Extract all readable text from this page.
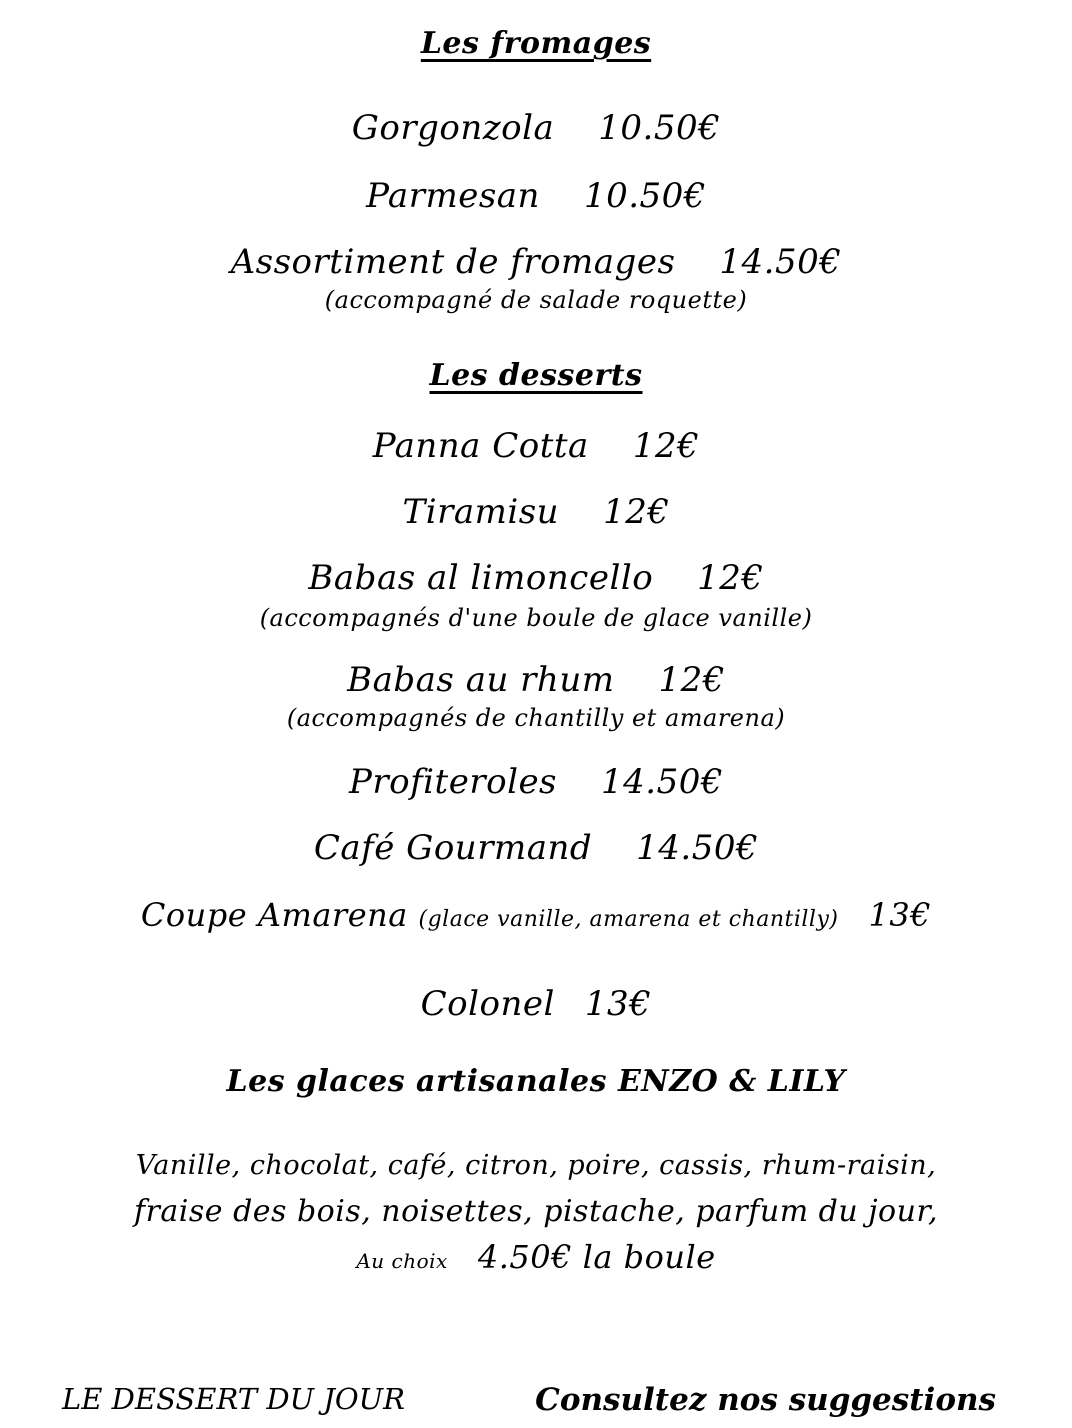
Les fromages
Gorgonzola 10.50€
Parmesan 10.50€
Assortiment de fromages 14.50€
(accompagné de salade roquette)
Les desserts
Panna Cotta 12€
Tiramisu 12€
Babas al limoncello 12€
(accompagnés d'une boule de glace vanille)
Babas au rhum 12€
(accompagnés de chantilly et amarena)
Profiteroles 14.50€
Café Gourmand 14.50€
Coupe Amarena (glace vanille, amarena et chantilly) 13€
Colonel 13€
Les glaces artisanales ENZO & LILY
Vanille, chocolat, café, citron, poire, cassis, rhum-raisin,
fraise des bois, noisettes, pistache, parfum du jour,
Au choix 4.50€ la boule
LE DESSERT DU JOUR	Consultez nos suggestions
